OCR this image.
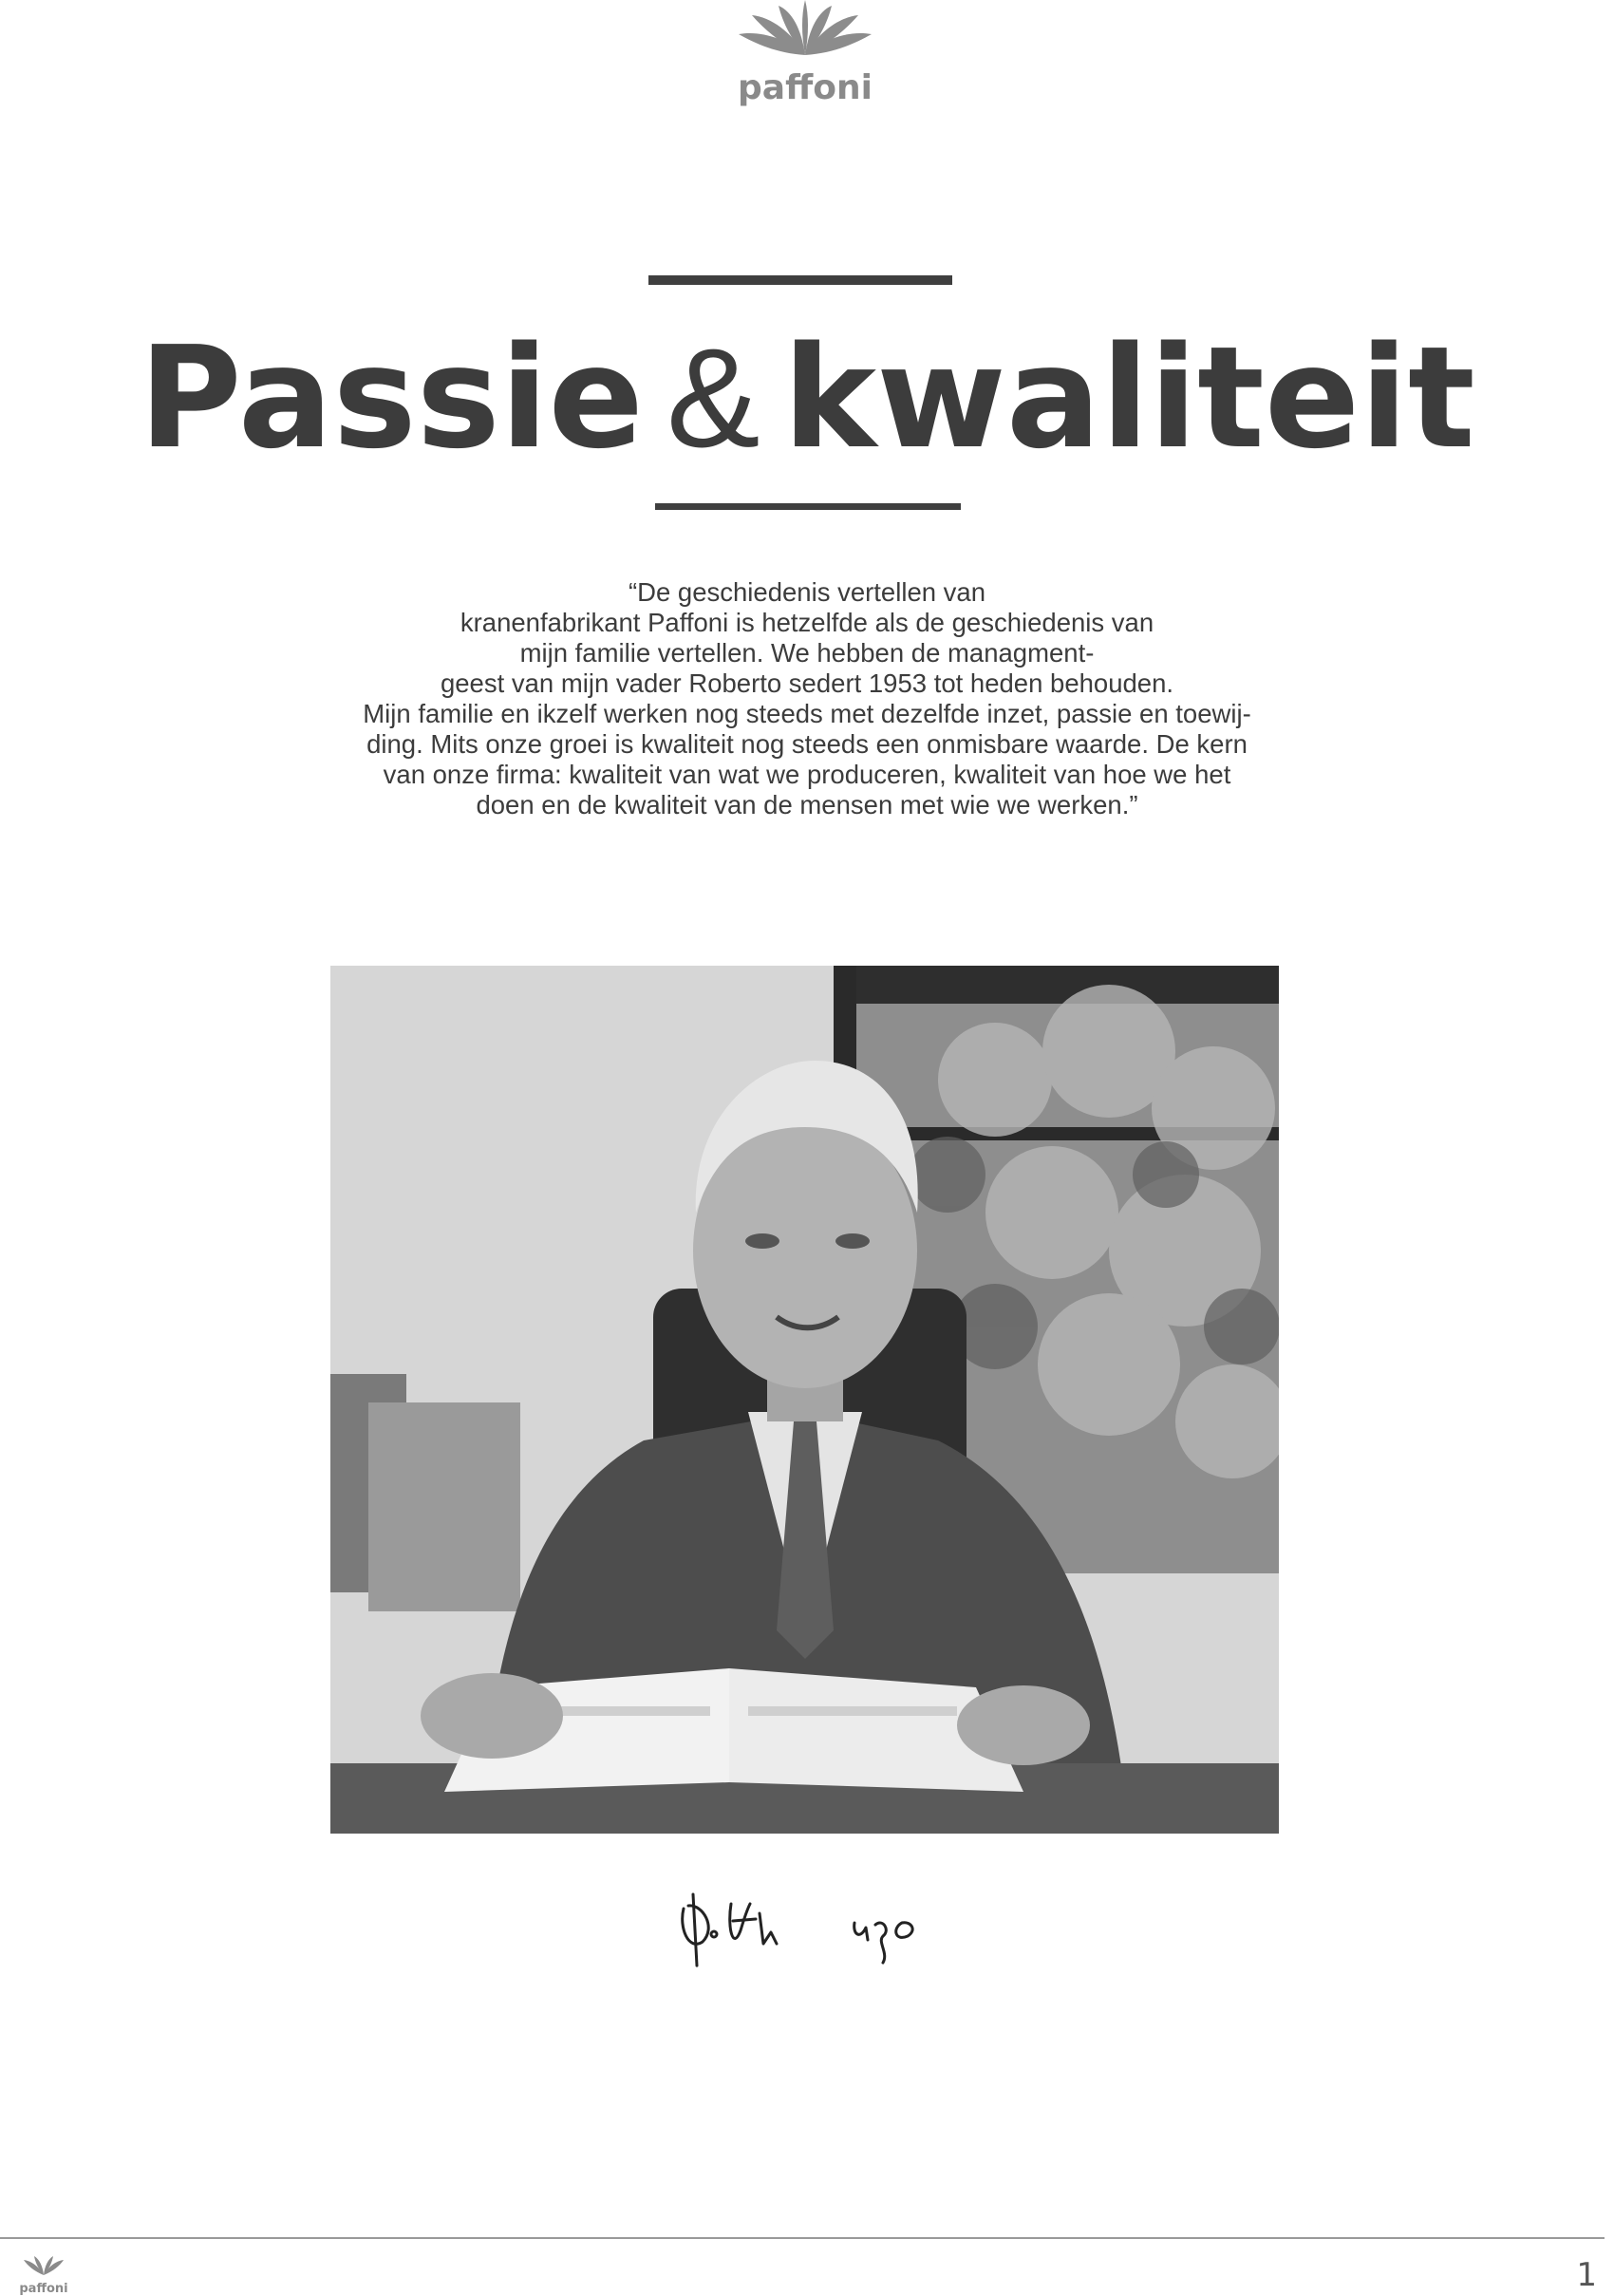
paffoni
Passie & kwaliteit
“De geschiedenis vertellen van
kranenfabrikant Paffoni is hetzelfde als de geschiedenis van
mijn familie vertellen. We hebben de managment-
geest van mijn vader Roberto sedert 1953 tot heden behouden.
Mijn familie en ikzelf werken nog steeds met dezelfde inzet, passie en toewij-
ding. Mits onze groei is kwaliteit nog steeds een onmisbare waarde. De kern
van onze firma: kwaliteit van wat we produceren, kwaliteit van hoe we het
doen en de kwaliteit van de mensen met wie we werken.”
paffoni	1
